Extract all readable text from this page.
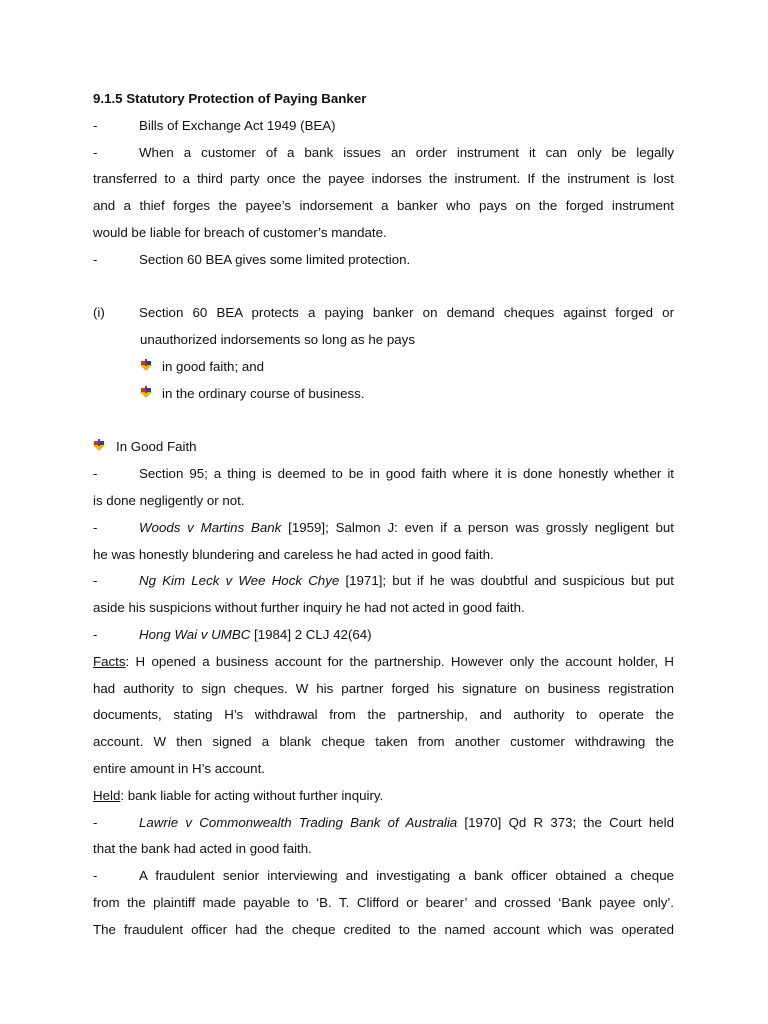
9.1.5 Statutory Protection of Paying Banker
-	Bills of Exchange Act 1949 (BEA)
-	When a customer of a bank issues an order instrument it can only be legally
transferred to a third party once the payee indorses the instrument. If the instrument is lost
and a thief forges the payee’s indorsement a banker who pays on the forged instrument
would be liable for breach of customer’s mandate.
-	Section 60 BEA gives some limited protection.
(i)	Section 60 BEA protects a paying banker on demand cheques against forged or
unauthorized indorsements so long as he pays
in good faith; and
in the ordinary course of business.
In Good Faith
-	Section 95; a thing is deemed to be in good faith where it is done honestly whether it
is done negligently or not.
-	Woods v Martins Bank [1959]; Salmon J: even if a person was grossly negligent but
he was honestly blundering and careless he had acted in good faith.
-	Ng Kim Leck v Wee Hock Chye [1971]; but if he was doubtful and suspicious but put
aside his suspicions without further inquiry he had not acted in good faith.
-	Hong Wai v UMBC [1984] 2 CLJ 42(64)
Facts: H opened a business account for the partnership. However only the account holder, H
had authority to sign cheques. W his partner forged his signature on business registration
documents, stating H’s withdrawal from the partnership, and authority to operate the
account. W then signed a blank cheque taken from another customer withdrawing the
entire amount in H’s account.
Held: bank liable for acting without further inquiry.
-	Lawrie v Commonwealth Trading Bank of Australia [1970] Qd R 373; the Court held
that the bank had acted in good faith.
-	A fraudulent senior interviewing and investigating a bank officer obtained a cheque
from the plaintiff made payable to ‘B. T. Clifford or bearer’ and crossed ‘Bank payee only’.
The fraudulent officer had the cheque credited to the named account which was operated
